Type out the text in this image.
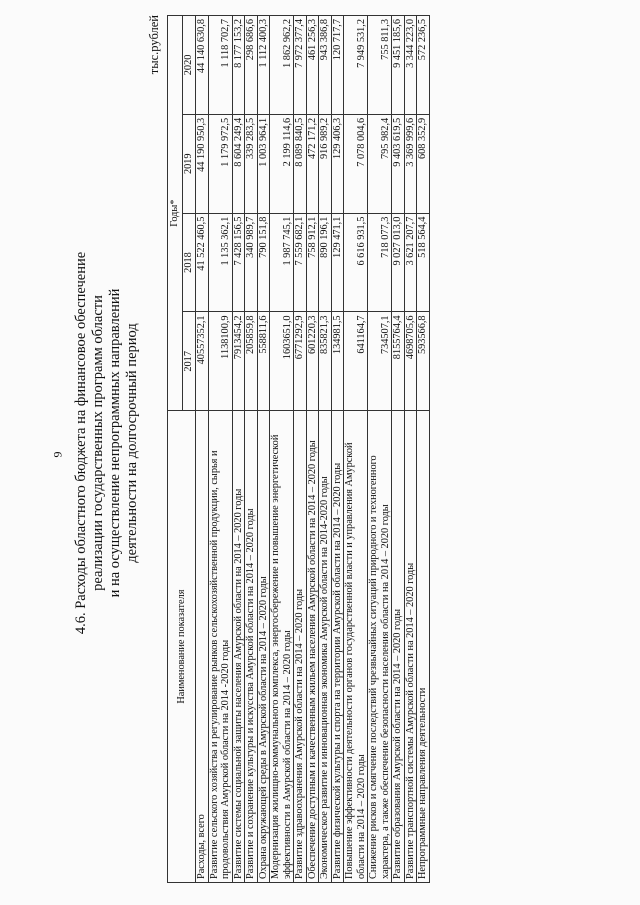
9 4.6. Расходы областного бюджета на финансовое обеспечение реализации государственных программ области и на осуществление непрограммных направлений деятельности на долгосрочный период
тыс.рублей
Наименование показателя	Годы*			
	2017	2018	2019	2020
Расходы, всего	40557352,1	41 522 460,5	44 190 950,3	44 140 630,8
Развитие сельского хозяйства и регулирование рынков сельскохозяйственной продукции, сырья и продовольствия Амурской области на 2014 -2020 годы	1138100,9	1 135 362,1	1 179 972,5	1 118 702,7
Развитие системы социальной защиты населения Амурской области на 2014 – 2020 годы	7913454,2	7 428 156,5	8 604 249,4	8 177 153,2
Развитие и сохранение культуры и искусства Амурской области на 2014 – 2020 годы	205859,8	340 989,7	339 283,5	298 686,6
Охрана окружающей среды в Амурской области на 2014 – 2020 годы	558811,6	790 151,8	1 003 964,1	1 112 400,3
Модернизация жилищно-коммунального комплекса, энергосбережение и повышение энергетической эффективности в Амурской области на 2014 – 2020 годы	1603651,0	1 987 745,1	2 199 114,6	1 862 962,2
Развитие здравоохранения Амурской области на 2014 – 2020 годы	6771292,9	7 559 682,1	8 089 840,5	7 972 377,4
Обеспечение доступным и качественным жильем населения Амурской области на 2014 – 2020 годы	601220,3	758 912,1	472 171,2	461 256,3
Экономическое развитие и инновационная экономика Амурской области на 2014-2020 годы	835821,3	890 196,1	916 989,2	943 386,8
Развитие физической культуры и спорта на территории Амурской области на 2014 – 2020 годы	134981,5	129 471,1	129 406,3	120 717,7
Повышение эффективности деятельности органов государственной власти и управления Амурской области на 2014 – 2020 годы	641164,7	6 616 931,5	7 078 004,6	7 949 531,2
Снижение рисков и смягчение последствий чрезвычайных ситуаций природного и техногенного характера, а также обеспечение безопасности населения области на 2014 – 2020 годы	734507,1	718 077,3	795 982,4	755 811,3
Развитие образования Амурской области на 2014 – 2020 годы	8155764,4	9 027 013,0	9 403 619,5	9 451 185,6
Развитие транспортной системы Амурской области на 2014 – 2020 годы	4698705,6	3 621 207,7	3 369 999,6	3 344 223,0
Непрограммные направления деятельности	593566,8	518 564,4	608 352,9	572 236,5
